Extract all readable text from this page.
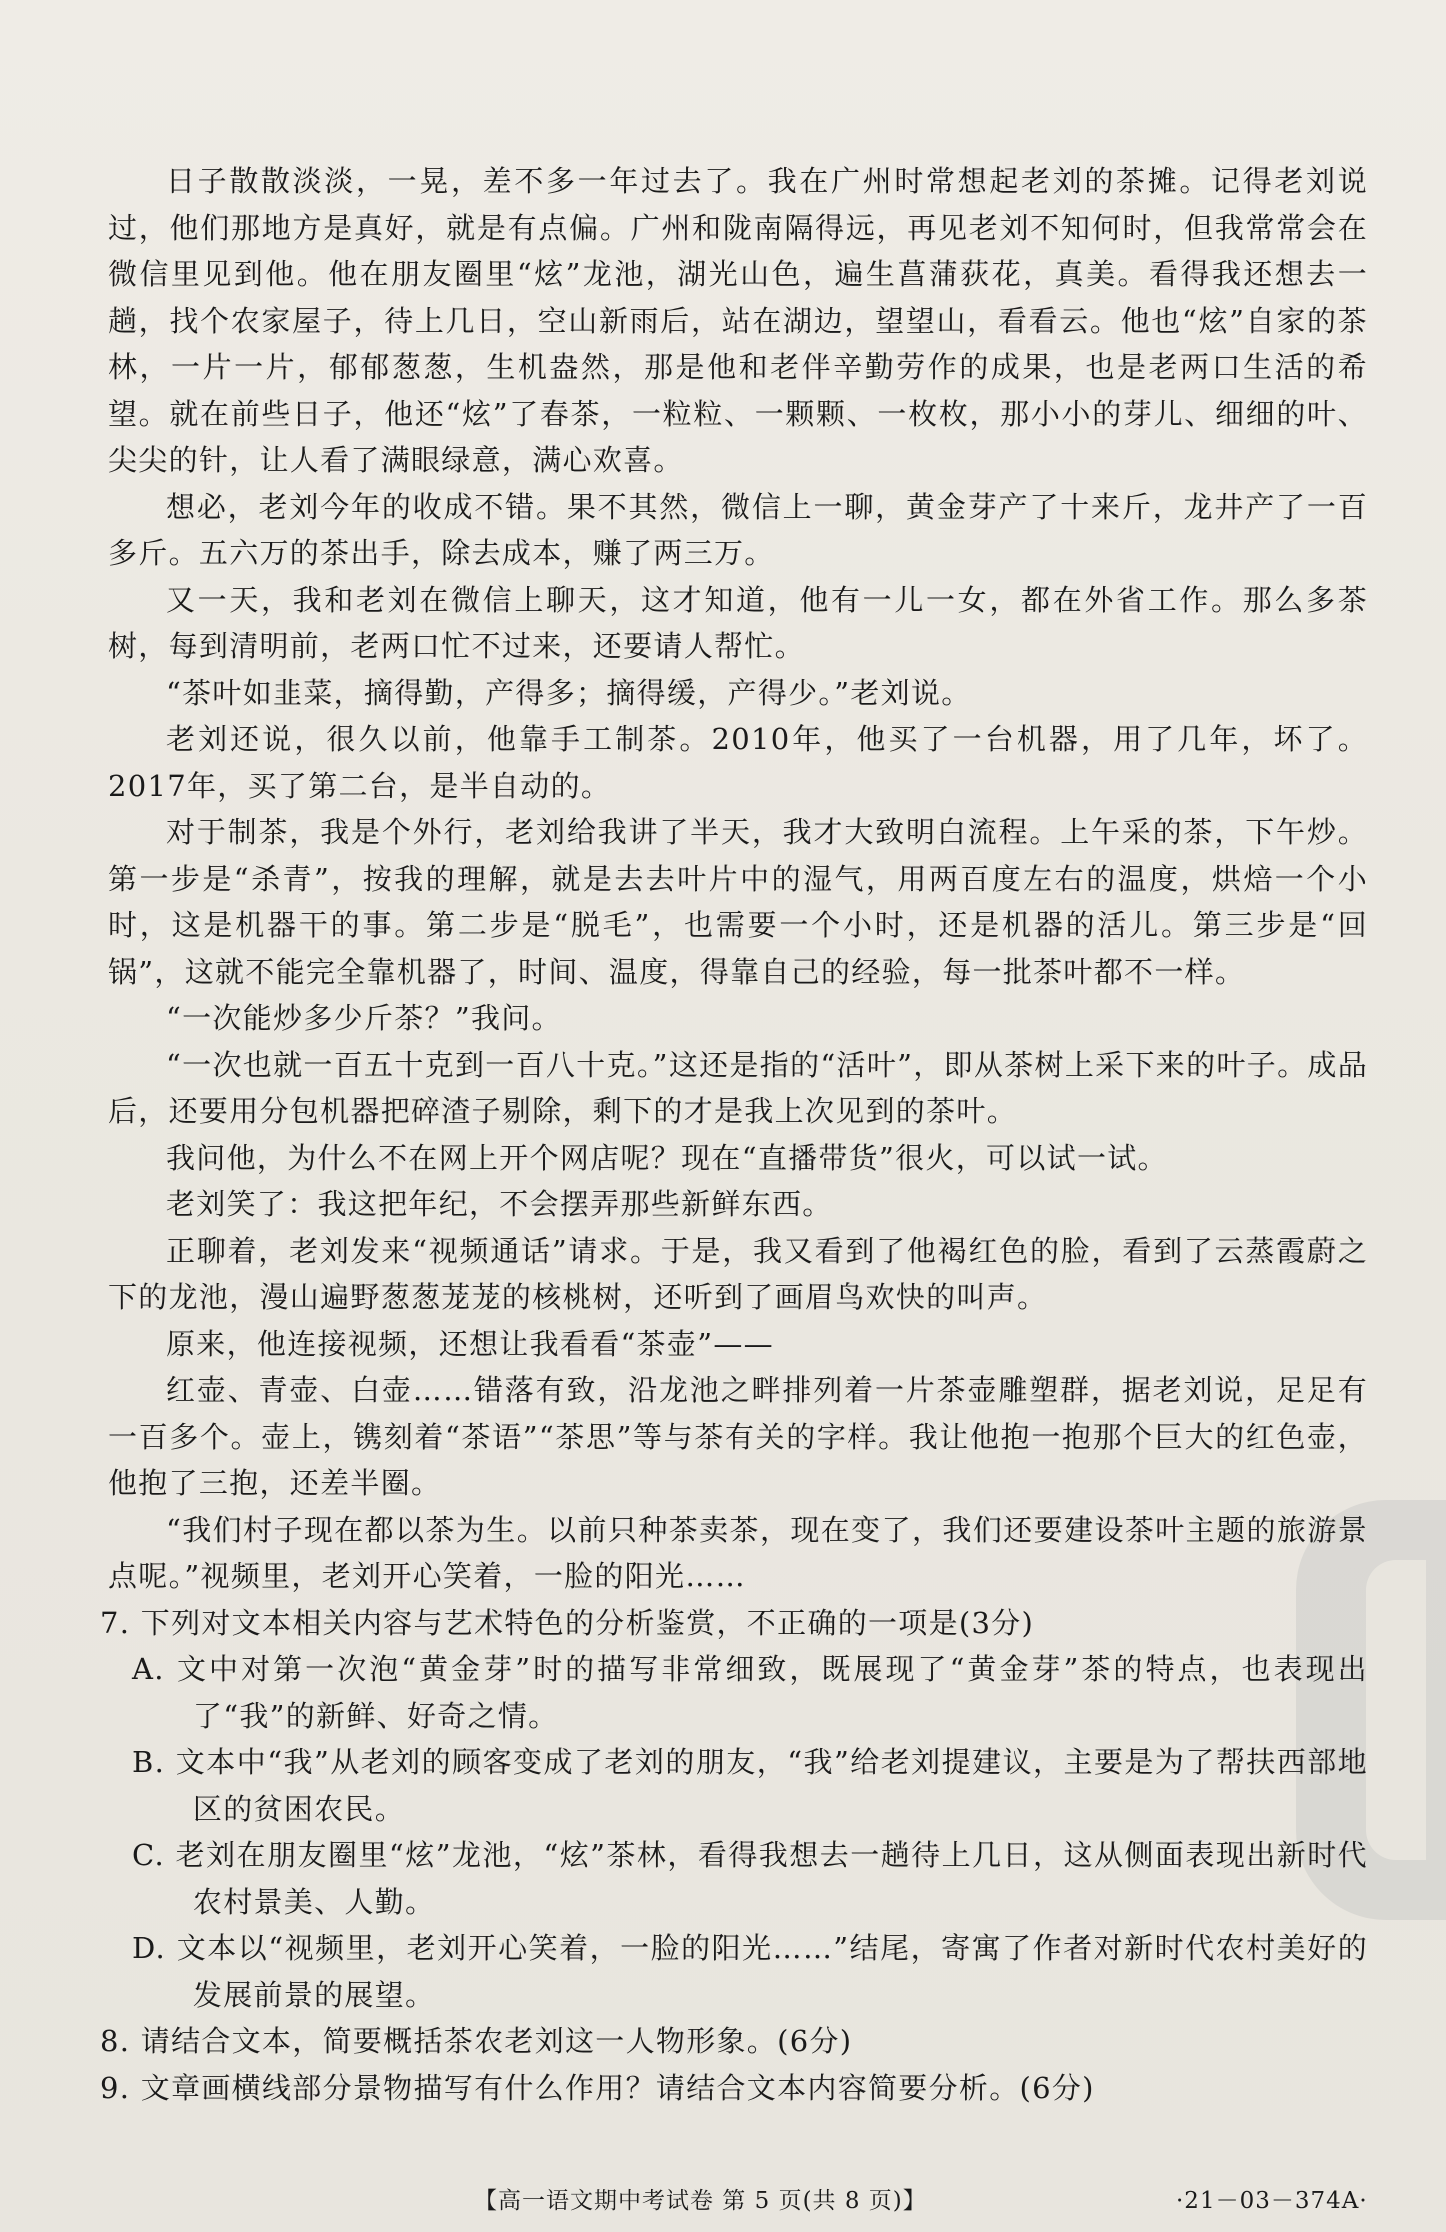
日子散散淡淡，一晃，差不多一年过去了。我在广州时常想起老刘的茶摊。记得老刘说过，他们那地方是真好，就是有点偏。广州和陇南隔得远，再见老刘不知何时，但我常常会在微信里见到他。他在朋友圈里“炫”龙池，湖光山色，遍生菖蒲荻花，真美。看得我还想去一趟，找个农家屋子，待上几日，空山新雨后，站在湖边，望望山，看看云。他也“炫”自家的茶林，一片一片，郁郁葱葱，生机盎然，那是他和老伴辛勤劳作的成果，也是老两口生活的希望。就在前些日子，他还“炫”了春茶，一粒粒、一颗颗、一枚枚，那小小的芽儿、细细的叶、尖尖的针，让人看了满眼绿意，满心欢喜。

想必，老刘今年的收成不错。果不其然，微信上一聊，黄金芽产了十来斤，龙井产了一百多斤。五六万的茶出手，除去成本，赚了两三万。

又一天，我和老刘在微信上聊天，这才知道，他有一儿一女，都在外省工作。那么多茶树，每到清明前，老两口忙不过来，还要请人帮忙。

“茶叶如韭菜，摘得勤，产得多；摘得缓，产得少。”老刘说。

老刘还说，很久以前，他靠手工制茶。2010年，他买了一台机器，用了几年，坏了。2017年，买了第二台，是半自动的。

对于制茶，我是个外行，老刘给我讲了半天，我才大致明白流程。上午采的茶，下午炒。第一步是“杀青”，按我的理解，就是去去叶片中的湿气，用两百度左右的温度，烘焙一个小时，这是机器干的事。第二步是“脱毛”，也需要一个小时，还是机器的活儿。第三步是“回锅”，这就不能完全靠机器了，时间、温度，得靠自己的经验，每一批茶叶都不一样。

“一次能炒多少斤茶？”我问。

“一次也就一百五十克到一百八十克。”这还是指的“活叶”，即从茶树上采下来的叶子。成品后，还要用分包机器把碎渣子剔除，剩下的才是我上次见到的茶叶。

我问他，为什么不在网上开个网店呢？现在“直播带货”很火，可以试一试。

老刘笑了：我这把年纪，不会摆弄那些新鲜东西。

正聊着，老刘发来“视频通话”请求。于是，我又看到了他褐红色的脸，看到了云蒸霞蔚之下的龙池，漫山遍野葱葱茏茏的核桃树，还听到了画眉鸟欢快的叫声。

原来，他连接视频，还想让我看看“茶壶”——

红壶、青壶、白壶……错落有致，沿龙池之畔排列着一片茶壶雕塑群，据老刘说，足足有一百多个。壶上，镌刻着“茶语”“茶思”等与茶有关的字样。我让他抱一抱那个巨大的红色壶，他抱了三抱，还差半圈。

“我们村子现在都以茶为生。以前只种茶卖茶，现在变了，我们还要建设茶叶主题的旅游景点呢。”视频里，老刘开心笑着，一脸的阳光……

7. 下列对文本相关内容与艺术特色的分析鉴赏，不正确的一项是(3分)

A. 文中对第一次泡“黄金芽”时的描写非常细致，既展现了“黄金芽”茶的特点，也表现出了“我”的新鲜、好奇之情。

B. 文本中“我”从老刘的顾客变成了老刘的朋友，“我”给老刘提建议，主要是为了帮扶西部地区的贫困农民。

C. 老刘在朋友圈里“炫”龙池，“炫”茶林，看得我想去一趟待上几日，这从侧面表现出新时代农村景美、人勤。

D. 文本以“视频里，老刘开心笑着，一脸的阳光……”结尾，寄寓了作者对新时代农村美好的发展前景的展望。

8. 请结合文本，简要概括茶农老刘这一人物形象。(6分)

9. 文章画横线部分景物描写有什么作用？请结合文本内容简要分析。(6分)

【高一语文期中考试卷 第 5 页(共 8 页)】	·21－03－374A·
